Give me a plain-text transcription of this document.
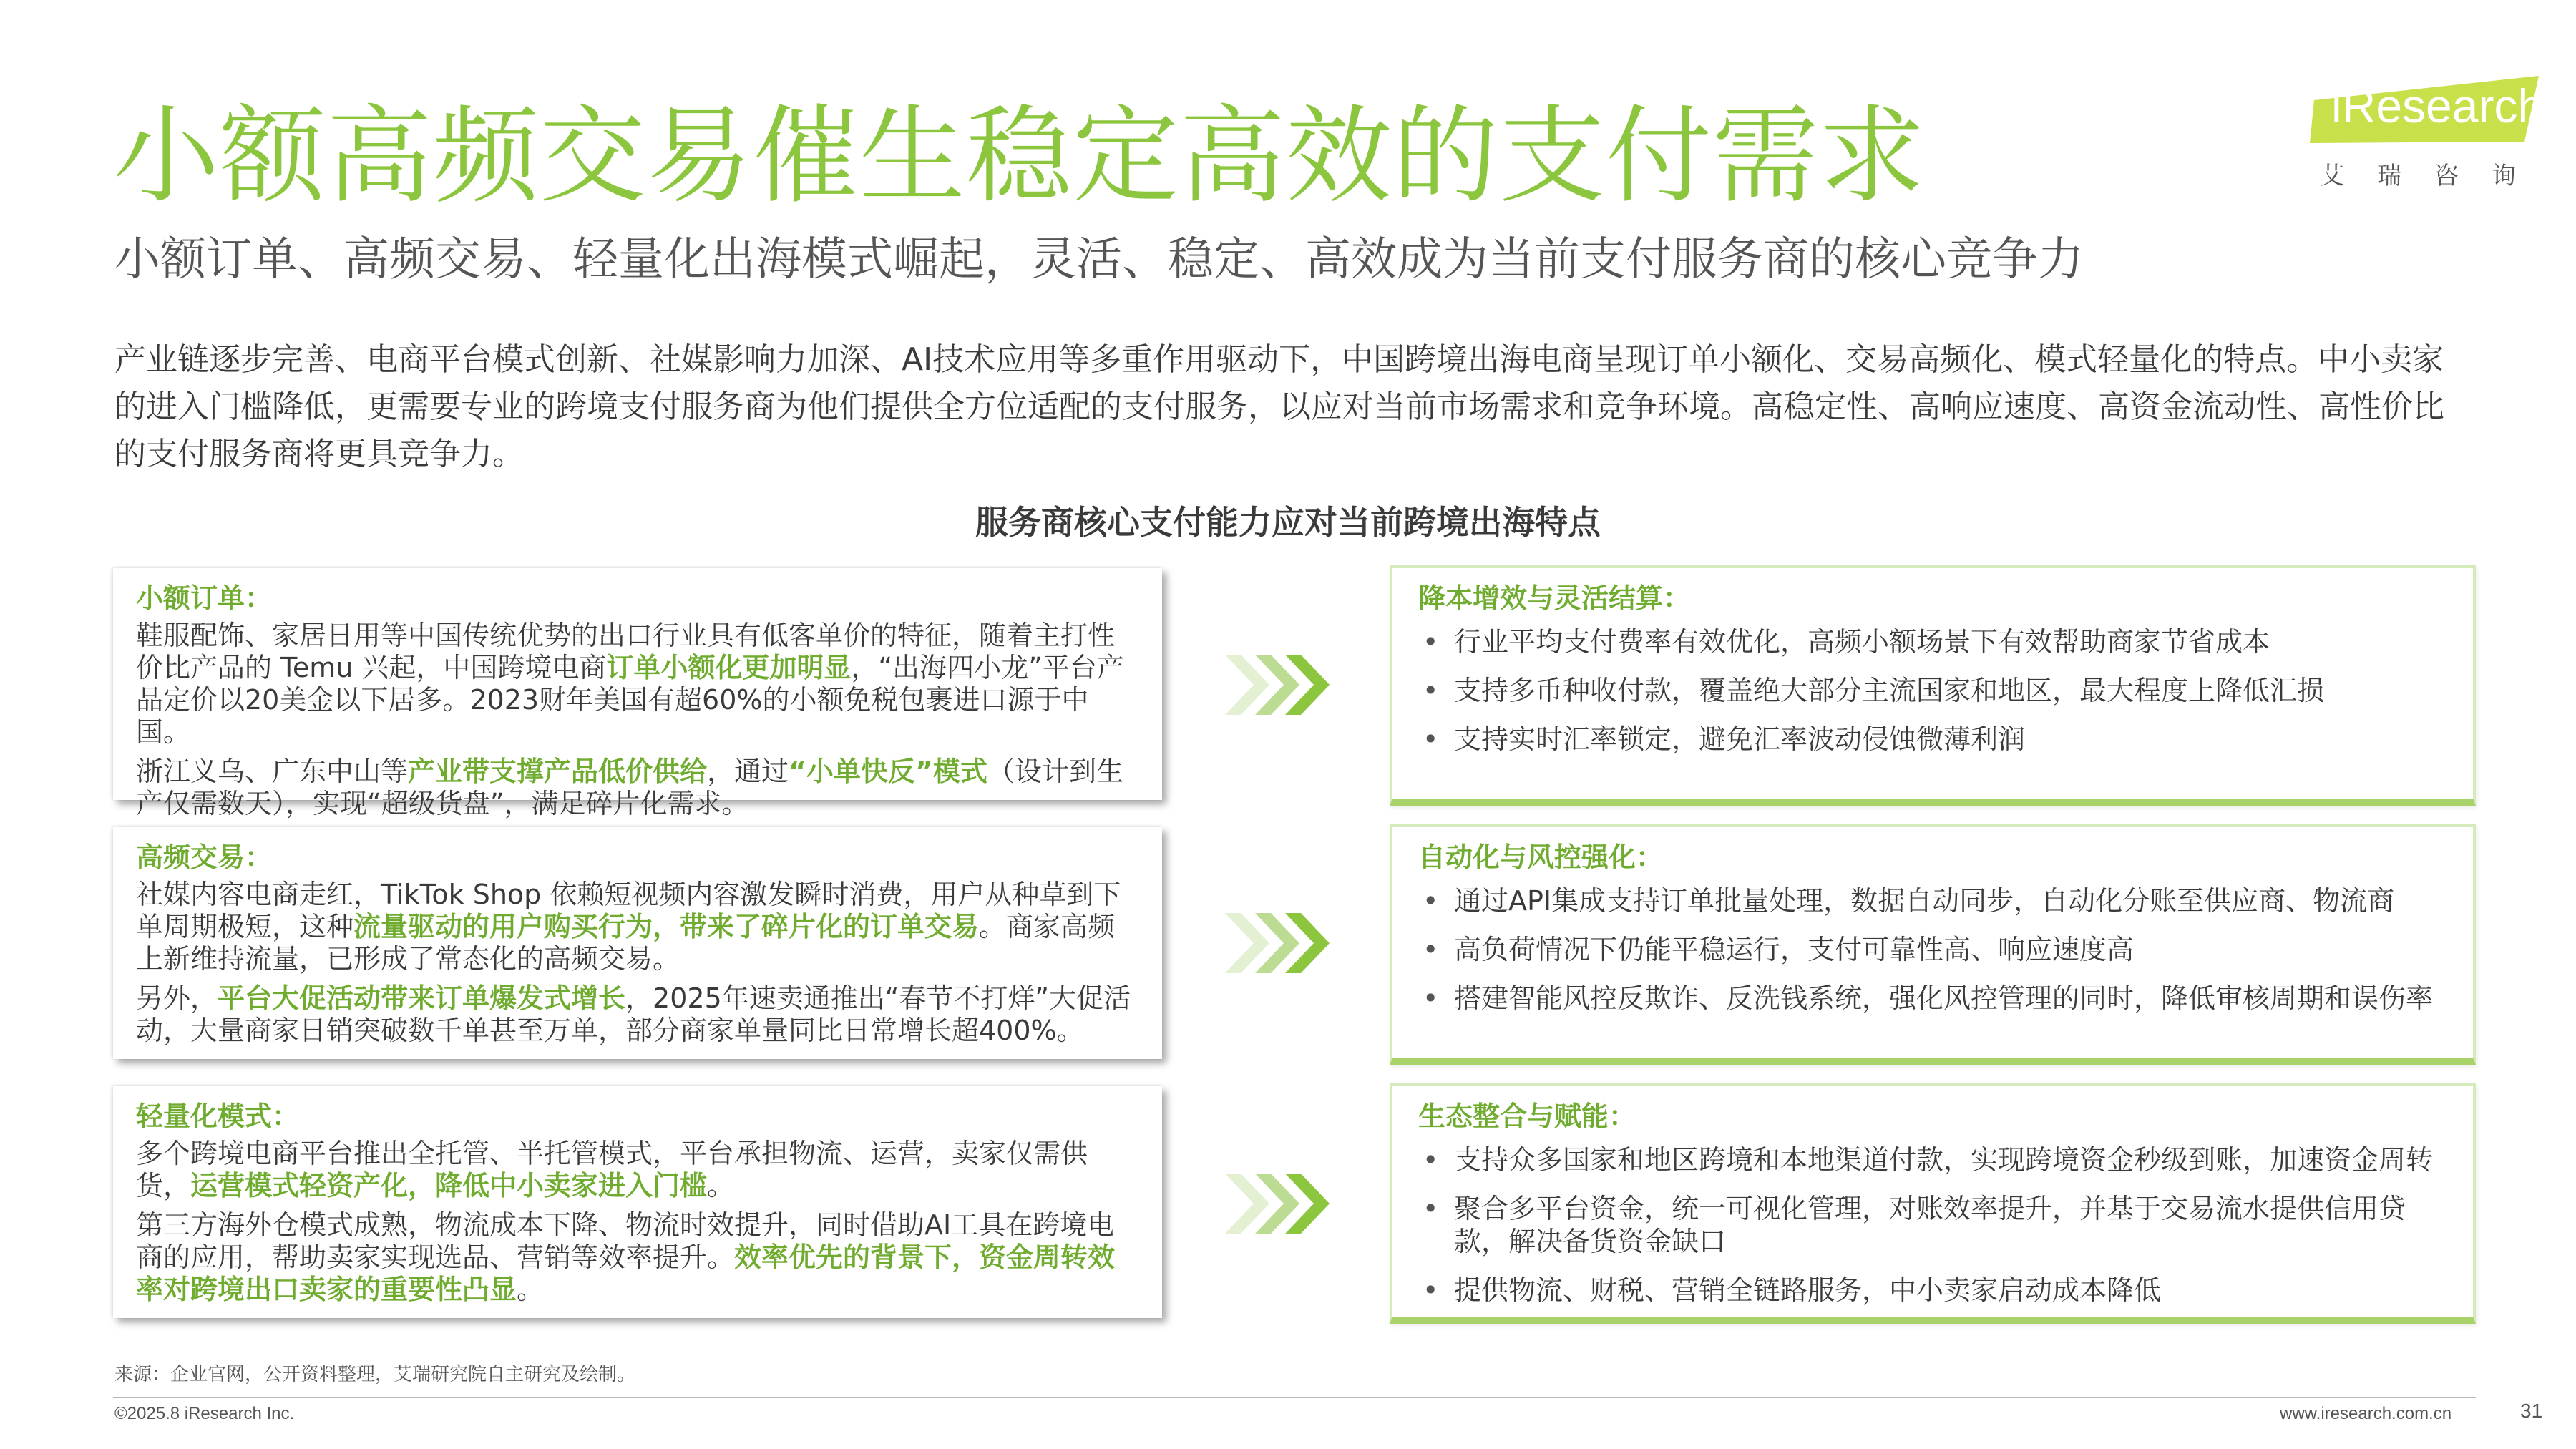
小额高频交易催生稳定高效的支付需求
小额订单、高频交易、轻量化出海模式崛起，灵活、稳定、高效成为当前支付服务商的核心竞争力
iResearch
艾瑞咨询
产业链逐步完善、电商平台模式创新、社媒影响力加深、AI技术应用等多重作用驱动下，中国跨境出海电商呈现订单小额化、交易高频化、模式轻量化的特点。中小卖家的进入门槛降低，更需要专业的跨境支付服务商为他们提供全方位适配的支付服务，以应对当前市场需求和竞争环境。高稳定性、高响应速度、高资金流动性、高性价比的支付服务商将更具竞争力。
服务商核心支付能力应对当前跨境出海特点
小额订单：

鞋服配饰、家居日用等中国传统优势的出口行业具有低客单价的特征，随着主打性价比产品的 Temu 兴起，中国跨境电商订单小额化更加明显，“出海四小龙”平台产品定价以20美金以下居多。2023财年美国有超60%的小额免税包裹进口源于中国。

浙江义乌、广东中山等产业带支撑产品低价供给，通过“小单快反”模式（设计到生产仅需数天），实现“超级货盘”，满足碎片化需求。

高频交易：

社媒内容电商走红，TikTok Shop 依赖短视频内容激发瞬时消费，用户从种草到下单周期极短，这种流量驱动的用户购买行为，带来了碎片化的订单交易。商家高频上新维持流量，已形成了常态化的高频交易。

另外，平台大促活动带来订单爆发式增长，2025年速卖通推出“春节不打烊”大促活动，大量商家日销突破数千单甚至万单，部分商家单量同比日常增长超400%。

轻量化模式：

多个跨境电商平台推出全托管、半托管模式，平台承担物流、运营，卖家仅需供货，运营模式轻资产化，降低中小卖家进入门槛。

第三方海外仓模式成熟，物流成本下降、物流时效提升，同时借助AI工具在跨境电商的应用，帮助卖家实现选品、营销等效率提升。效率优先的背景下，资金周转效率对跨境出口卖家的重要性凸显。

降本增效与灵活结算：
• 行业平均支付费率有效优化，高频小额场景下有效帮助商家节省成本
• 支持多币种收付款，覆盖绝大部分主流国家和地区，最大程度上降低汇损
• 支持实时汇率锁定，避免汇率波动侵蚀微薄利润
自动化与风控强化：
• 通过API集成支持订单批量处理，数据自动同步，自动化分账至供应商、物流商
• 高负荷情况下仍能平稳运行，支付可靠性高、响应速度高
• 搭建智能风控反欺诈、反洗钱系统，强化风控管理的同时，降低审核周期和误伤率
生态整合与赋能：
• 支持众多国家和地区跨境和本地渠道付款，实现跨境资金秒级到账，加速资金周转
• 聚合多平台资金，统一可视化管理，对账效率提升，并基于交易流水提供信用贷款，解决备货资金缺口
• 提供物流、财税、营销全链路服务，中小卖家启动成本降低
来源：企业官网，公开资料整理，艾瑞研究院自主研究及绘制。
©2025.8 iResearch Inc.	www.iresearch.com.cn	31
